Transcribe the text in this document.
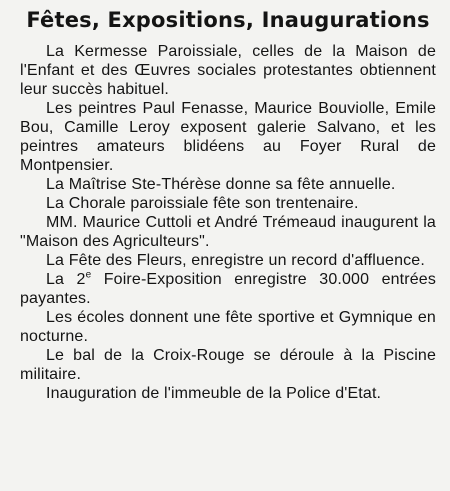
Fêtes, Expositions, Inaugurations

La Kermesse Paroissiale, celles de la Maison de l'Enfant et des Œuvres sociales protestantes obtiennent leur succès habituel.

Les peintres Paul Fenasse, Maurice Bouviolle, Emile Bou, Camille Leroy exposent galerie Salvano, et les peintres amateurs blidéens au Foyer Rural de Montpensier.

La Maîtrise Ste-Thérèse donne sa fête annuelle.

La Chorale paroissiale fête son trentenaire.

MM. Maurice Cuttoli et André Trémeaud inaugurent la "Maison des Agriculteurs".

La Fête des Fleurs, enregistre un record d'affluence.

La 2e Foire-Exposition enregistre 30.000 entrées payantes.

Les écoles donnent une fête sportive et Gymnique en nocturne.

Le bal de la Croix-Rouge se déroule à la Piscine militaire.

Inauguration de l'immeuble de la Police d'Etat.
